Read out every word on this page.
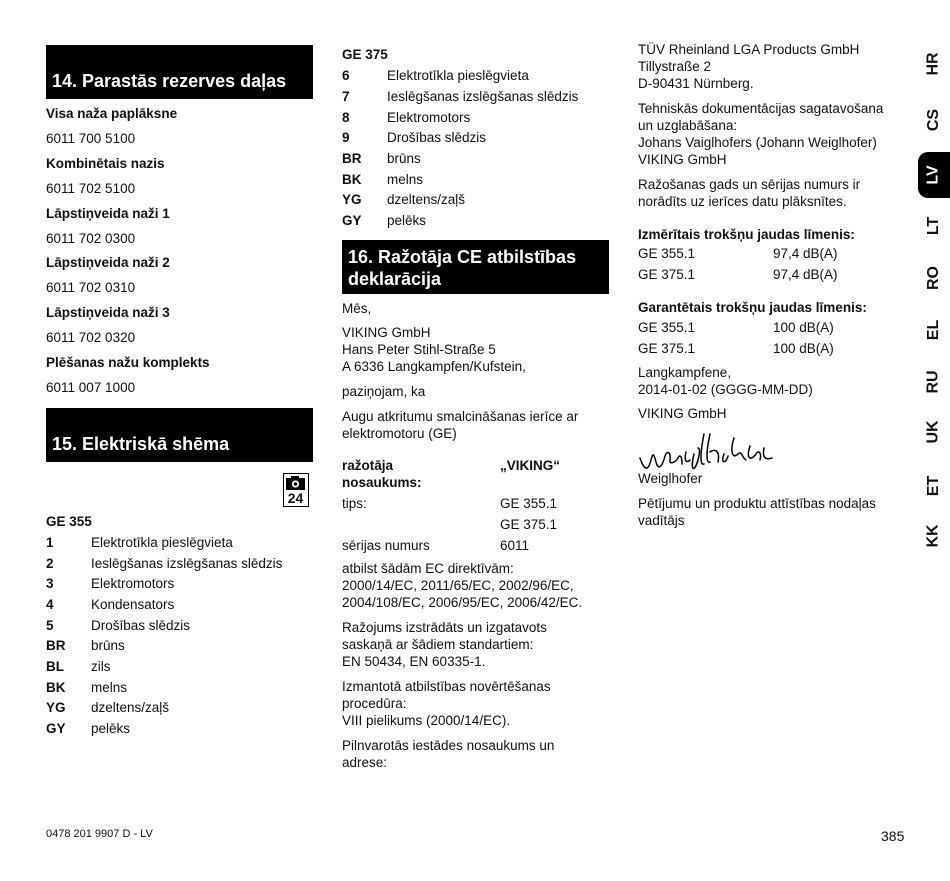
14. Parastās rezerves daļas
Visa naža paplāksne
6011 700 5100
Kombinētais nazis
6011 702 5100
Lāpstiņveida naži 1
6011 702 0300
Lāpstiņveida naži 2
6011 702 0310
Lāpstiņveida naži 3
6011 702 0320
Plēšanas nažu komplekts
6011 007 1000
15. Elektriskā shēma
24
GE 355
1	Elektrotīkla pieslēgvieta
2	Ieslēgšanas izslēgšanas slēdzis
3	Elektromotors
4	Kondensators
5	Drošības slēdzis
BR brūns
BL zils
BK melns
YG dzeltens/zaļš
GY pelēks
GE 375
6	Elektrotīkla pieslēgvieta
7	Ieslēgšanas izslēgšanas slēdzis
8	Elektromotors
9	Drošības slēdzis
BR brūns
BK melns
YG dzeltens/zaļš
GY pelēks
16. Ražotāja CE atbilstības
deklarācija
Mēs,
VIKING GmbH
Hans Peter Stihl-Straße 5
A 6336 Langkampfen/Kufstein,
paziņojam, ka
Augu atkritumu smalcināšanas ierīce ar
elektromotoru (GE)
ražotāja
nosaukums:
„VIKING“
tips:	GE 355.1
GE 375.1
sērijas numurs	6011
atbilst šādām EC direktīvām:
2000/14/EC, 2011/65/EC, 2002/96/EC,
2004/108/EC, 2006/95/EC, 2006/42/EC.
Ražojums izstrādāts un izgatavots
saskaņā ar šādiem standartiem:
EN 50434, EN 60335-1.
Izmantotā atbilstības novērtēšanas
procedūra:
VIII pielikums (2000/14/EC).
Pilnvarotās iestādes nosaukums un
adrese:
TÜV Rheinland LGA Products GmbH
Tillystraße 2
D-90431 Nürnberg.
Tehniskās dokumentācijas sagatavošana
un uzglabāšana:
Johans Vaiglhofers (Johann Weiglhofer)
VIKING GmbH
Ražošanas gads un sērijas numurs ir
norādīts uz ierīces datu plāksnītes.
Izmērītais trokšņu jaudas līmenis:
GE 355.1	97,4 dB(A)
GE 375.1	97,4 dB(A)
Garantētais trokšņu jaudas līmenis:
GE 355.1	100 dB(A)
GE 375.1	100 dB(A)
Langkampfene,
2014-01-02 (GGGG-MM-DD)
VIKING GmbH
Weiglhofer
Pētījumu un produktu attīstības nodaļas
vadītājs
HR
CS
LV
LT
RO
EL
RU
UK
ET
KK
0478 201 9907 D - LV	385
